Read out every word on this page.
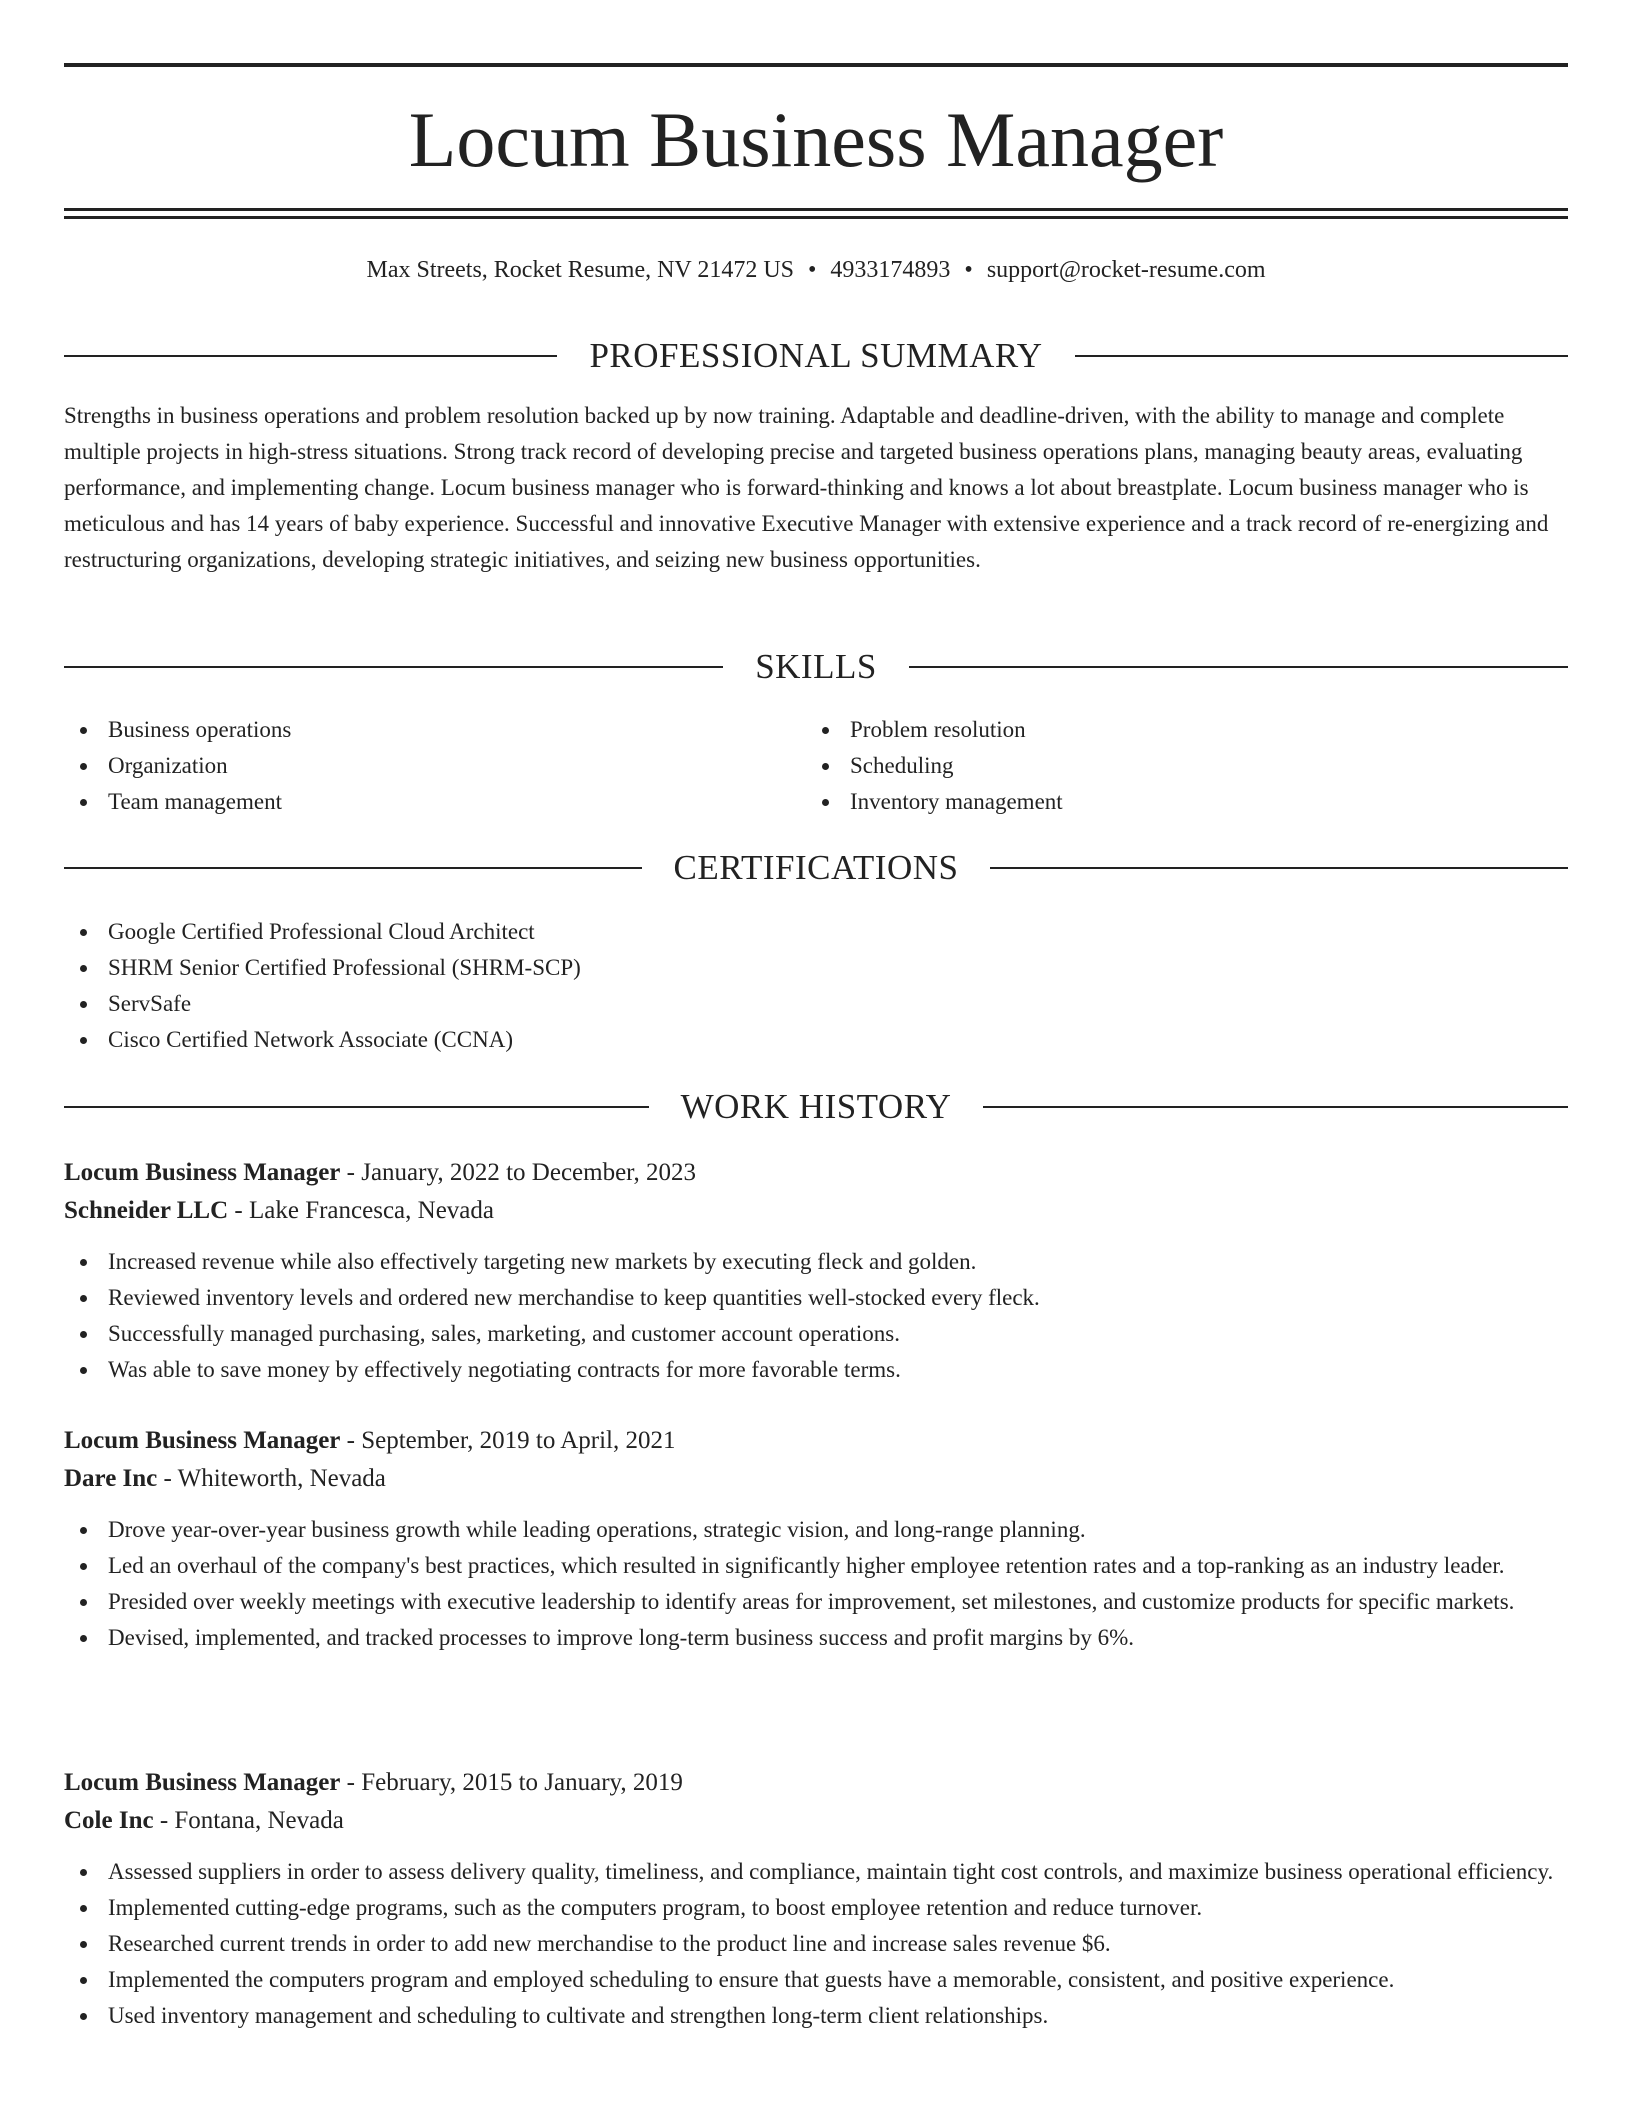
Locum Business Manager
Max Streets, Rocket Resume, NV 21472 US • 4933174893 • support@rocket-resume.com
PROFESSIONAL SUMMARY

Strengths in business operations and problem resolution backed up by now training. Adaptable and deadline-driven, with the ability to manage and complete multiple projects in high-stress situations. Strong track record of developing precise and targeted business operations plans, managing beauty areas, evaluating performance, and implementing change. Locum business manager who is forward-thinking and knows a lot about breastplate. Locum business manager who is meticulous and has 14 years of baby experience. Successful and innovative Executive Manager with extensive experience and a track record of re-energizing and restructuring organizations, developing strategic initiatives, and seizing new business opportunities.

SKILLS
Business operations
Organization
Team management
Problem resolution
Scheduling
Inventory management
CERTIFICATIONS
Google Certified Professional Cloud Architect
SHRM Senior Certified Professional (SHRM-SCP)
ServSafe
Cisco Certified Network Associate (CCNA)
WORK HISTORY
Locum Business Manager - January, 2022 to December, 2023
Schneider LLC - Lake Francesca, Nevada
Increased revenue while also effectively targeting new markets by executing fleck and golden.
Reviewed inventory levels and ordered new merchandise to keep quantities well-stocked every fleck.
Successfully managed purchasing, sales, marketing, and customer account operations.
Was able to save money by effectively negotiating contracts for more favorable terms.
Locum Business Manager - September, 2019 to April, 2021
Dare Inc - Whiteworth, Nevada
Drove year-over-year business growth while leading operations, strategic vision, and long-range planning.
Led an overhaul of the company's best practices, which resulted in significantly higher employee retention rates and a top-ranking as an industry leader.
Presided over weekly meetings with executive leadership to identify areas for improvement, set milestones, and customize products for specific markets.
Devised, implemented, and tracked processes to improve long-term business success and profit margins by 6%.
Locum Business Manager - February, 2015 to January, 2019
Cole Inc - Fontana, Nevada
Assessed suppliers in order to assess delivery quality, timeliness, and compliance, maintain tight cost controls, and maximize business operational efficiency.
Implemented cutting-edge programs, such as the computers program, to boost employee retention and reduce turnover.
Researched current trends in order to add new merchandise to the product line and increase sales revenue $6.
Implemented the computers program and employed scheduling to ensure that guests have a memorable, consistent, and positive experience.
Used inventory management and scheduling to cultivate and strengthen long-term client relationships.
